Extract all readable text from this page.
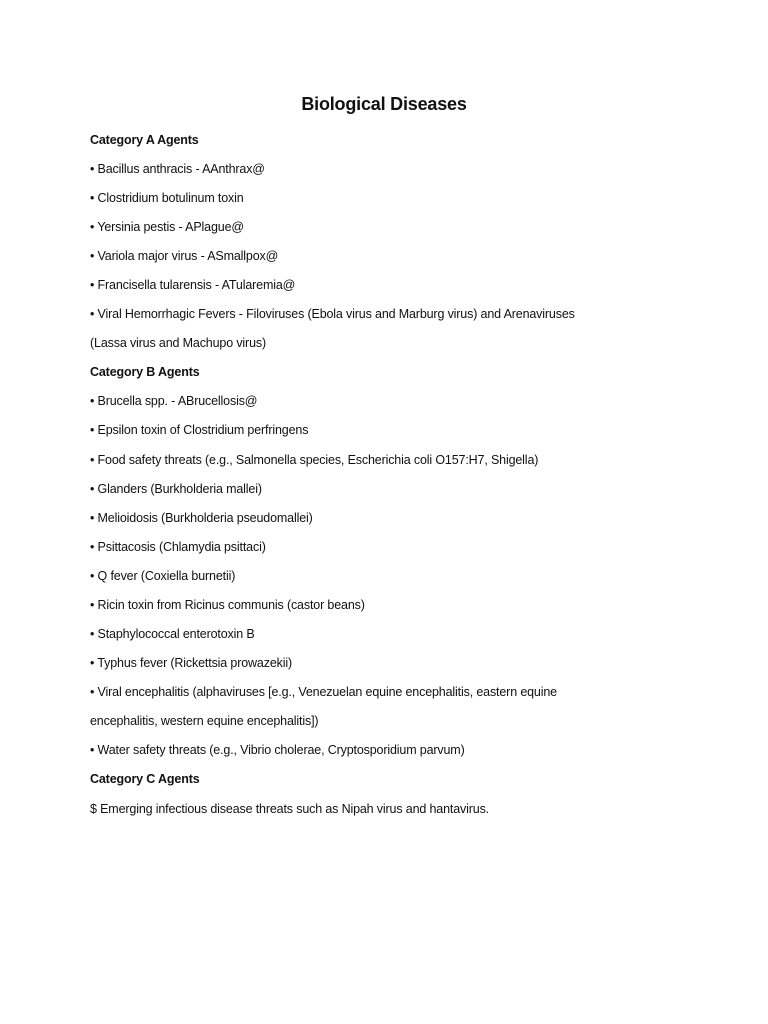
Biological Diseases
Category A Agents
• Bacillus anthracis - AAnthrax@
• Clostridium botulinum toxin
• Yersinia pestis - APlague@
• Variola major virus - ASmallpox@
• Francisella tularensis - ATularemia@
• Viral Hemorrhagic Fevers - Filoviruses (Ebola virus and Marburg virus) and Arenaviruses
(Lassa virus and Machupo virus)
Category B Agents
• Brucella spp. - ABrucellosis@
• Epsilon toxin of Clostridium perfringens
• Food safety threats (e.g., Salmonella species, Escherichia coli O157:H7, Shigella)
• Glanders (Burkholderia mallei)
• Melioidosis (Burkholderia pseudomallei)
• Psittacosis (Chlamydia psittaci)
• Q fever (Coxiella burnetii)
• Ricin toxin from Ricinus communis (castor beans)
• Staphylococcal enterotoxin B
• Typhus fever (Rickettsia prowazekii)
• Viral encephalitis (alphaviruses [e.g., Venezuelan equine encephalitis, eastern equine
encephalitis, western equine encephalitis])
• Water safety threats (e.g., Vibrio cholerae, Cryptosporidium parvum)
Category C Agents
$ Emerging infectious disease threats such as Nipah virus and hantavirus.
